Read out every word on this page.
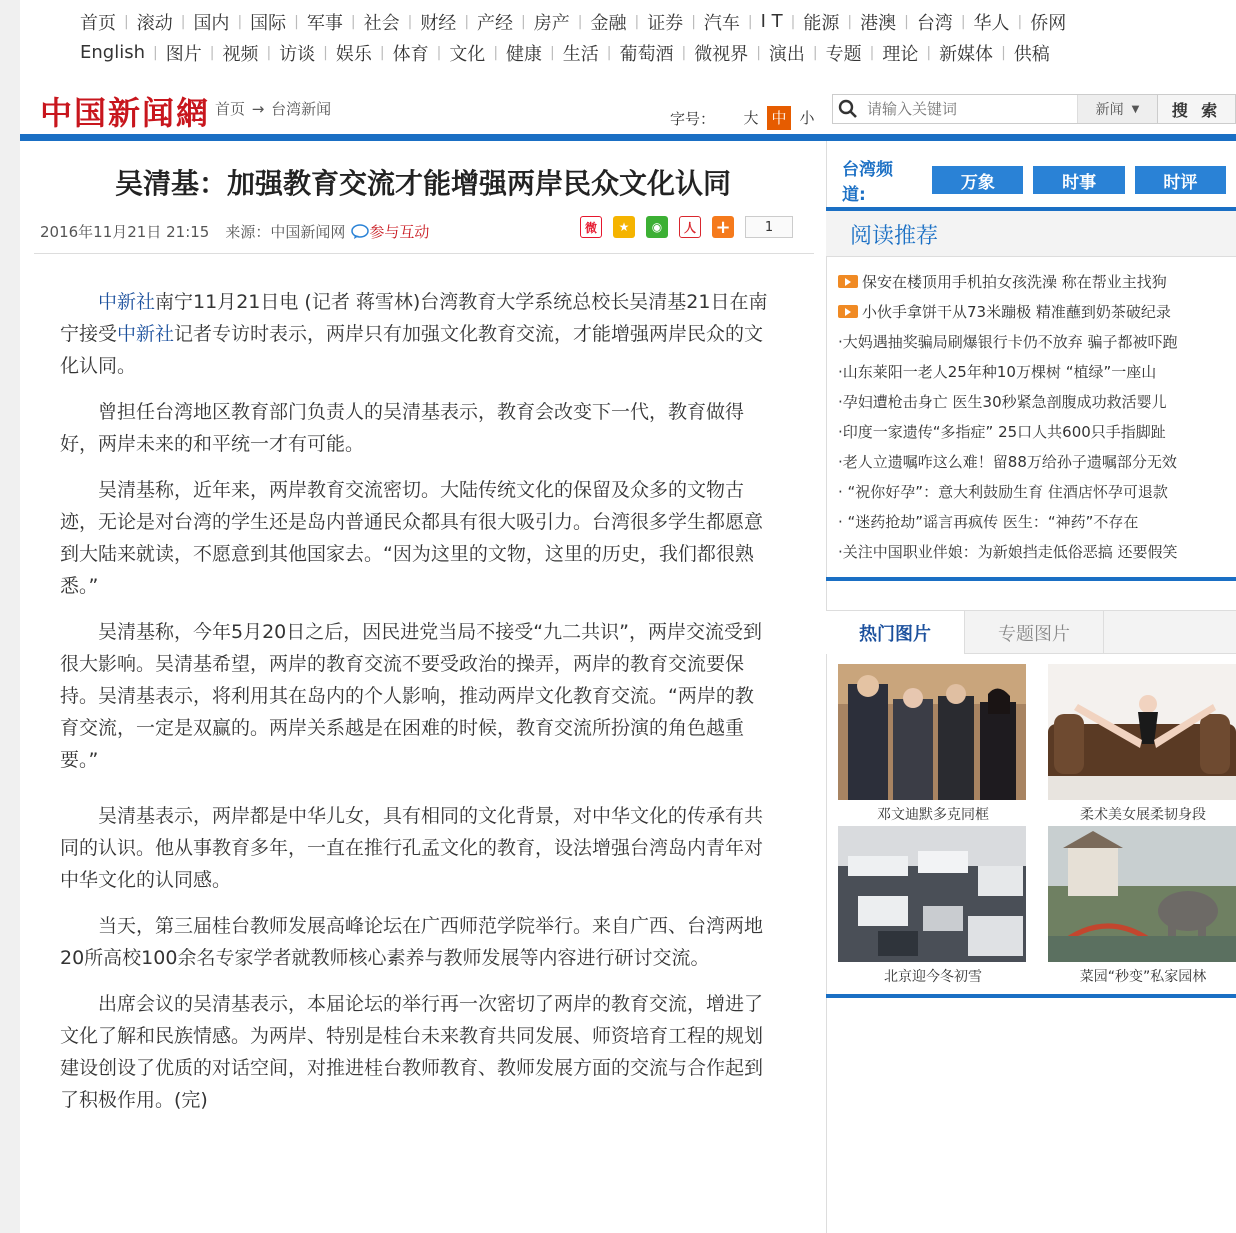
首页 | 滚动 | 国内 | 国际 | 军事 | 社会 | 财经 | 产经 | 房产 | 金融 | 证券 | 汽车 | I T | 能源 | 港澳 | 台湾 | 华人 | 侨网
English | 图片 | 视频 | 访谈 | 娱乐 | 体育 | 文化 | 健康 | 生活 | 葡萄酒 | 微视界 | 演出 | 专题 | 理论 | 新媒体 | 供稿
中国新闻網 首页 → 台湾新闻
字号： 大 中 小
请输入关键词	新闻 ▼	搜 索
吴清基：加强教育交流才能增强两岸民众文化认同
2016年11月21日 21:15 来源：中国新闻网 参与互动	微	★	◉	人 +	1

中新社南宁11月21日电 (记者 蒋雪林)台湾教育大学系统总校长吴清基21日在南宁接受中新社记者专访时表示，两岸只有加强文化教育交流，才能增强两岸民众的文化认同。

曾担任台湾地区教育部门负责人的吴清基表示，教育会改变下一代，教育做得好，两岸未来的和平统一才有可能。

吴清基称，近年来，两岸教育交流密切。大陆传统文化的保留及众多的文物古迹，无论是对台湾的学生还是岛内普通民众都具有很大吸引力。台湾很多学生都愿意到大陆来就读，不愿意到其他国家去。“因为这里的文物，这里的历史，我们都很熟悉。”

吴清基称，今年5月20日之后，因民进党当局不接受“九二共识”，两岸交流受到很大影响。吴清基希望，两岸的教育交流不要受政治的操弄，两岸的教育交流要保持。吴清基表示，将利用其在岛内的个人影响，推动两岸文化教育交流。“两岸的教育交流，一定是双赢的。两岸关系越是在困难的时候，教育交流所扮演的角色越重要。”

吴清基表示，两岸都是中华儿女，具有相同的文化背景，对中华文化的传承有共同的认识。他从事教育多年，一直在推行孔孟文化的教育，设法增强台湾岛内青年对中华文化的认同感。

当天，第三届桂台教师发展高峰论坛在广西师范学院举行。来自广西、台湾两地20所高校100余名专家学者就教师核心素养与教师发展等内容进行研讨交流。

出席会议的吴清基表示，本届论坛的举行再一次密切了两岸的教育交流，增进了文化了解和民族情感。为两岸、特别是桂台未来教育共同发展、师资培育工程的规划建设创设了优质的对话空间，对推进桂台教师教育、教师发展方面的交流与合作起到了积极作用。(完)

台湾频道:
万象	时事	时评
阅读推荐
保安在楼顶用手机拍女孩洗澡 称在帮业主找狗
小伙手拿饼干从73米蹦极 精准蘸到奶茶破纪录
·大妈遇抽奖骗局刷爆银行卡仍不放弃 骗子都被吓跑
·山东莱阳一老人25年种10万棵树 “植绿”一座山
·孕妇遭枪击身亡 医生30秒紧急剖腹成功救活婴儿
·印度一家遗传“多指症” 25口人共600只手指脚趾
·老人立遗嘱咋这么难！留88万给孙子遗嘱部分无效
· “祝你好孕”：意大利鼓励生育 住酒店怀孕可退款
· “迷药抢劫”谣言再疯传 医生：“神药”不存在
·关注中国职业伴娘：为新娘挡走低俗恶搞 还要假笑
热门图片	专题图片
邓文迪默多克同框	柔术美女展柔韧身段
北京迎今冬初雪	菜园“秒变”私家园林
